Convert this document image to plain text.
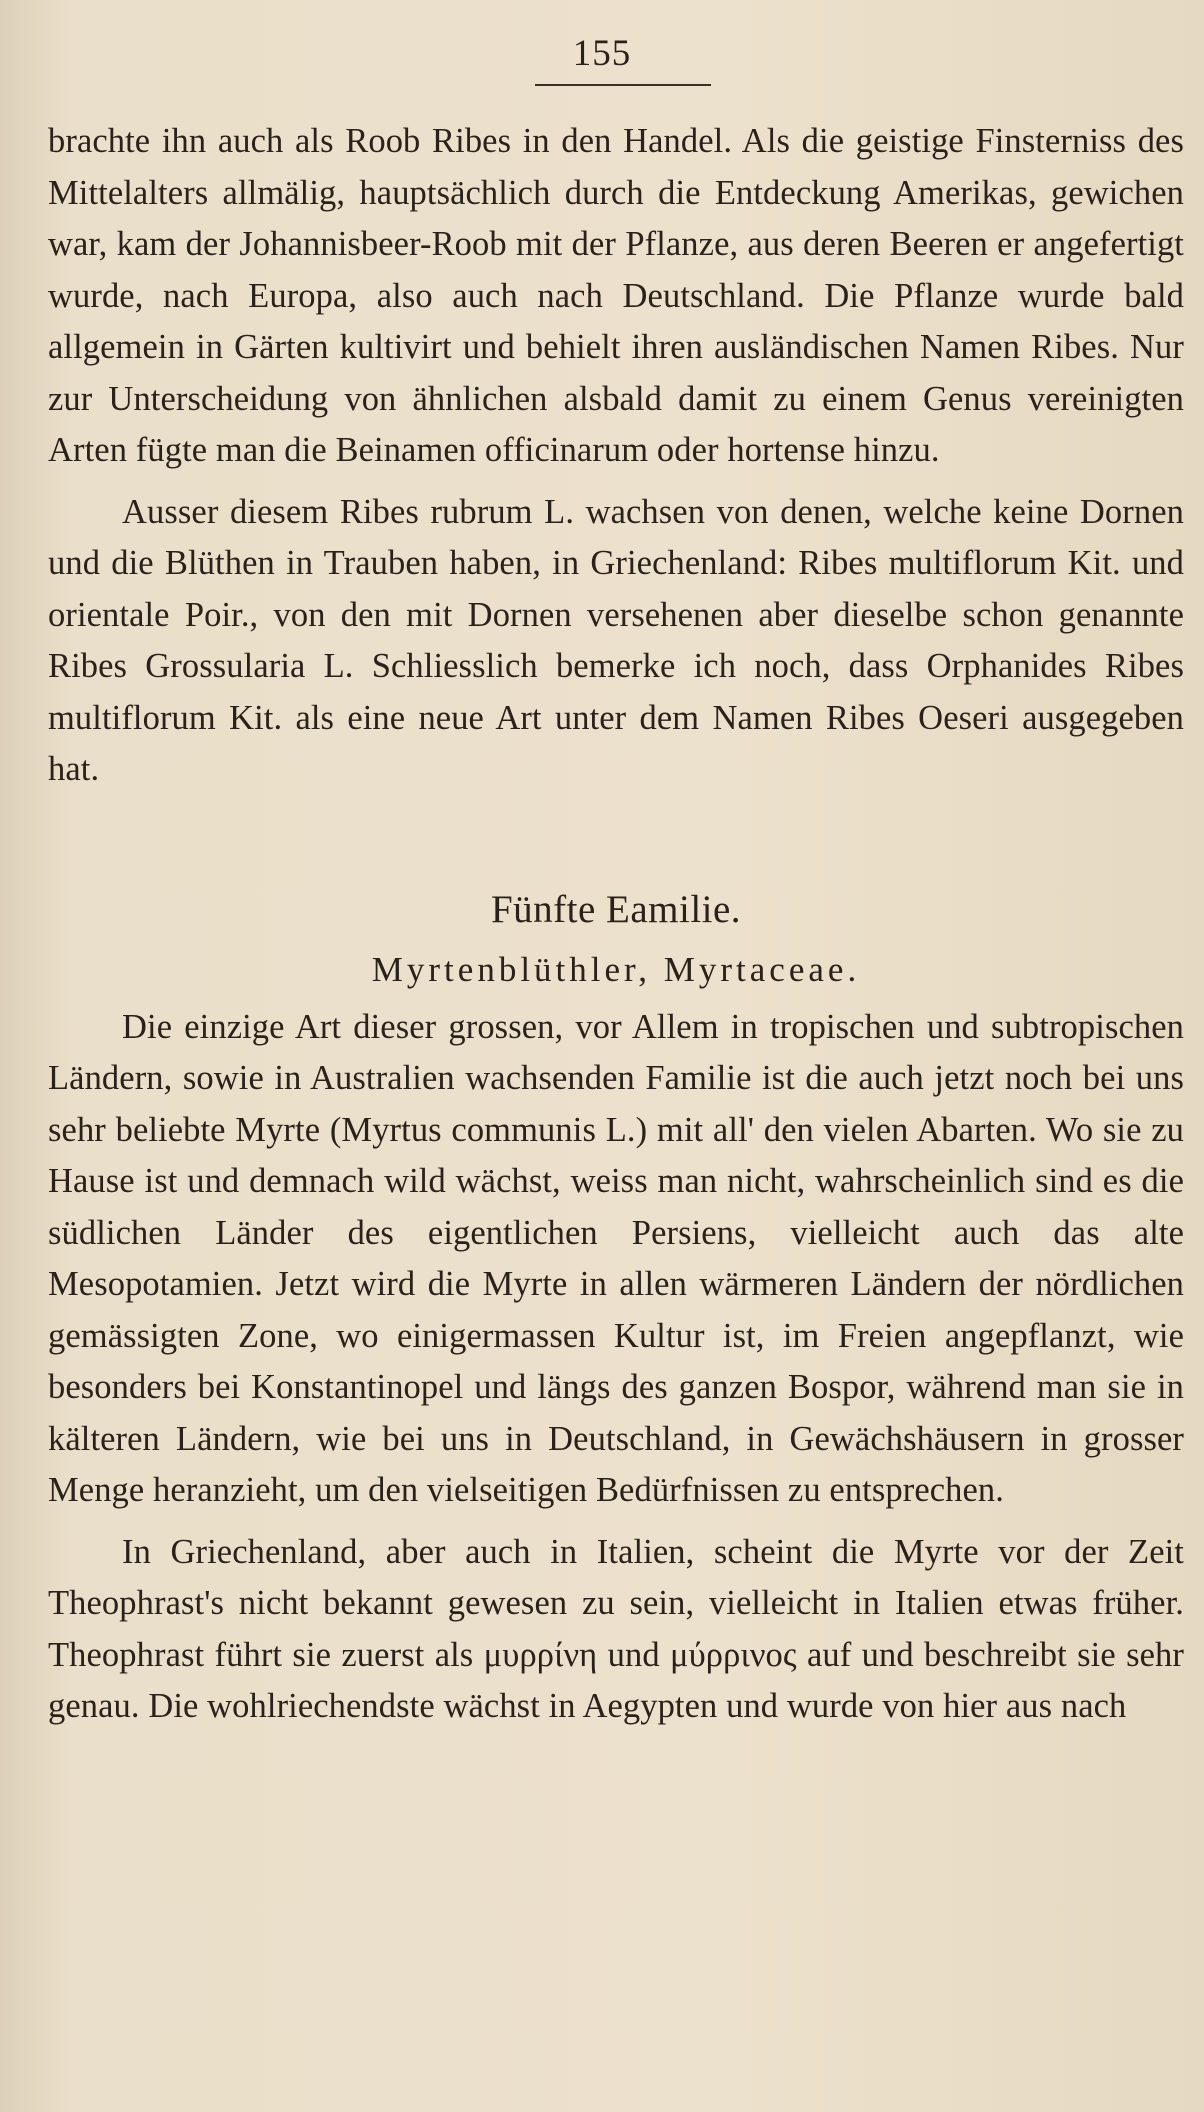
155

brachte ihn auch als Roob Ribes in den Handel. Als die geistige Finsterniss des Mittelalters allmälig, hauptsächlich durch die Entdeckung Amerikas, gewichen war, kam der Johannisbeer-Roob mit der Pflanze, aus deren Beeren er angefertigt wurde, nach Europa, also auch nach Deutschland. Die Pflanze wurde bald allgemein in Gärten kultivirt und behielt ihren ausländischen Namen Ribes. Nur zur Unterscheidung von ähnlichen alsbald damit zu einem Genus vereinigten Arten fügte man die Beinamen officinarum oder hortense hinzu.

Ausser diesem Ribes rubrum L. wachsen von denen, welche keine Dornen und die Blüthen in Trauben haben, in Griechenland: Ribes multiflorum Kit. und orientale Poir., von den mit Dornen versehenen aber dieselbe schon genannte Ribes Grossularia L. Schliesslich bemerke ich noch, dass Orphanides Ribes multiflorum Kit. als eine neue Art unter dem Namen Ribes Oeseri ausgegeben hat.

Fünfte Eamilie.
Myrtenblüthler, Myrtaceae.

Die einzige Art dieser grossen, vor Allem in tropischen und subtropischen Ländern, sowie in Australien wachsenden Familie ist die auch jetzt noch bei uns sehr beliebte Myrte (Myrtus communis L.) mit all' den vielen Abarten. Wo sie zu Hause ist und demnach wild wächst, weiss man nicht, wahrscheinlich sind es die südlichen Länder des eigentlichen Persiens, vielleicht auch das alte Mesopotamien. Jetzt wird die Myrte in allen wärmeren Ländern der nördlichen gemässigten Zone, wo einigermassen Kultur ist, im Freien angepflanzt, wie besonders bei Konstantinopel und längs des ganzen Bospor, während man sie in kälteren Ländern, wie bei uns in Deutschland, in Gewächshäusern in grosser Menge heranzieht, um den vielseitigen Bedürfnissen zu entsprechen.

In Griechenland, aber auch in Italien, scheint die Myrte vor der Zeit Theophrast's nicht bekannt gewesen zu sein, vielleicht in Italien etwas früher. Theophrast führt sie zuerst als μυρρίνη und μύρρινος auf und beschreibt sie sehr genau. Die wohlriechendste wächst in Aegypten und wurde von hier aus nach
